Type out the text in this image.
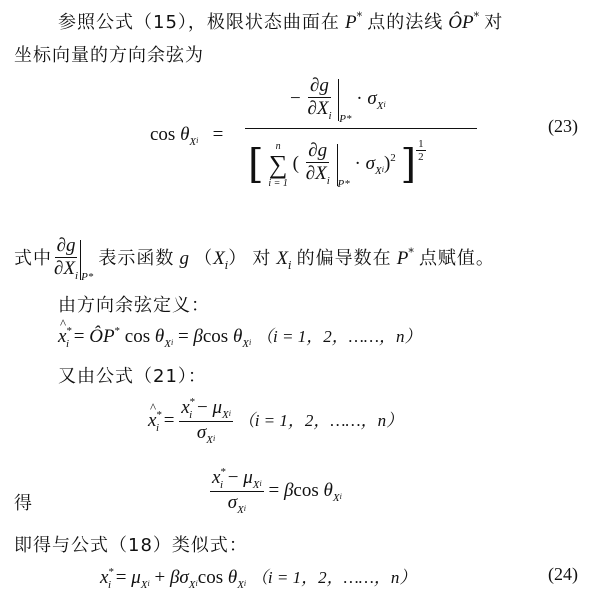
参照公式（15），极限状态曲面在 P* 点的法线 ÔP* 对
坐标向量的方向余弦为
$\cos \theta_Xi$ =
− $\frac{\partial g}{\partial X_i} _{P*} \cdot \sigma_Xi$
[ n
∑
i = 1
( $\frac{\partial g}{\partial X_i} _{P*} \cdot \sigma_Xi)^2$ ] $\frac{1}{2}$
(23)
式中 $\frac{\partial g}{\partial X_i} _{P*}$ 表示函数 g $(X_i)$ 对 $X_i$ 的偏导数在 P* 点赋值。
由方向余弦定义：
^ $x^*_i$ = ÔP* $\cos \theta_Xi = \beta\cos$ $\theta_Xi$ （i = 1，2，……，n）
又由公式（21）：
^ $x^*_i = \frac{x^*_i - \mu_Xi}{\sigma_Xi} (i = 1$，2，……，n）
得	$\frac{x^*_i - \mu_Xi}{\sigma_Xi} = \beta\cos$ $\theta_Xi$
即得与公式（18）类似式：
$x^*_i = \mu_Xi + \beta\sigma_Xicos$ $\theta_Xi$ （i = 1，2，……，n）	(24)
